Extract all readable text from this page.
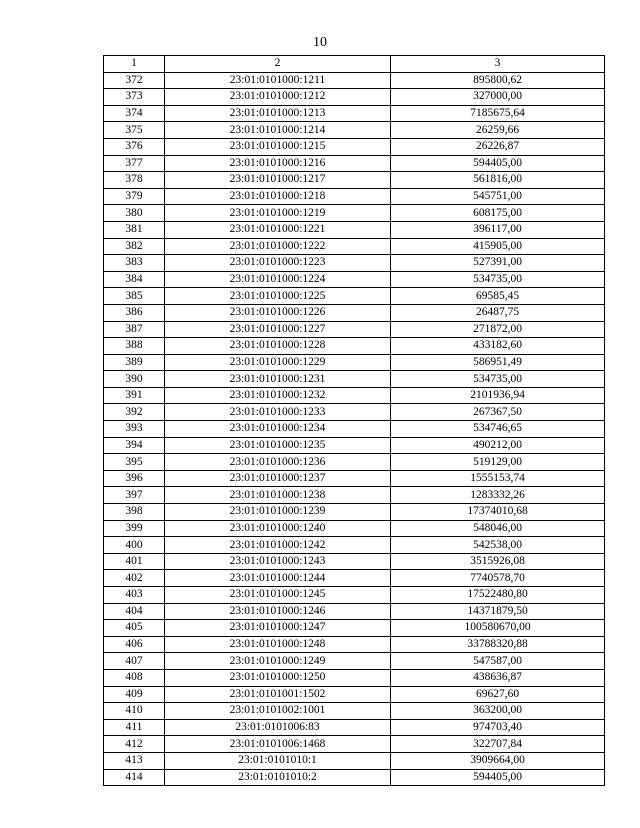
10
1	2	3
372	23:01:0101000:1211	895800,62
373	23:01:0101000:1212	327000,00
374	23:01:0101000:1213	7185675,64
375	23:01:0101000:1214	26259,66
376	23:01:0101000:1215	26226,87
377	23:01:0101000:1216	594405,00
378	23:01:0101000:1217	561816,00
379	23:01:0101000:1218	545751,00
380	23:01:0101000:1219	608175,00
381	23:01:0101000:1221	396117,00
382	23:01:0101000:1222	415905,00
383	23:01:0101000:1223	527391,00
384	23:01:0101000:1224	534735,00
385	23:01:0101000:1225	69585,45
386	23:01:0101000:1226	26487,75
387	23:01:0101000:1227	271872,00
388	23:01:0101000:1228	433182,60
389	23:01:0101000:1229	586951,49
390	23:01:0101000:1231	534735,00
391	23:01:0101000:1232	2101936,94
392	23:01:0101000:1233	267367,50
393	23:01:0101000:1234	534746,65
394	23:01:0101000:1235	490212,00
395	23:01:0101000:1236	519129,00
396	23:01:0101000:1237	1555153,74
397	23:01:0101000:1238	1283332,26
398	23:01:0101000:1239	17374010,68
399	23:01:0101000:1240	548046,00
400	23:01:0101000:1242	542538,00
401	23:01:0101000:1243	3515926,08
402	23:01:0101000:1244	7740578,70
403	23:01:0101000:1245	17522480,80
404	23:01:0101000:1246	14371879,50
405	23:01:0101000:1247	100580670,00
406	23:01:0101000:1248	33788320,88
407	23:01:0101000:1249	547587,00
408	23:01:0101000:1250	438636,87
409	23:01:0101001:1502	69627,60
410	23:01:0101002:1001	363200,00
411	23:01:0101006:83	974703,40
412	23:01:0101006:1468	322707,84
413	23:01:0101010:1	3909664,00
414	23:01:0101010:2	594405,00
